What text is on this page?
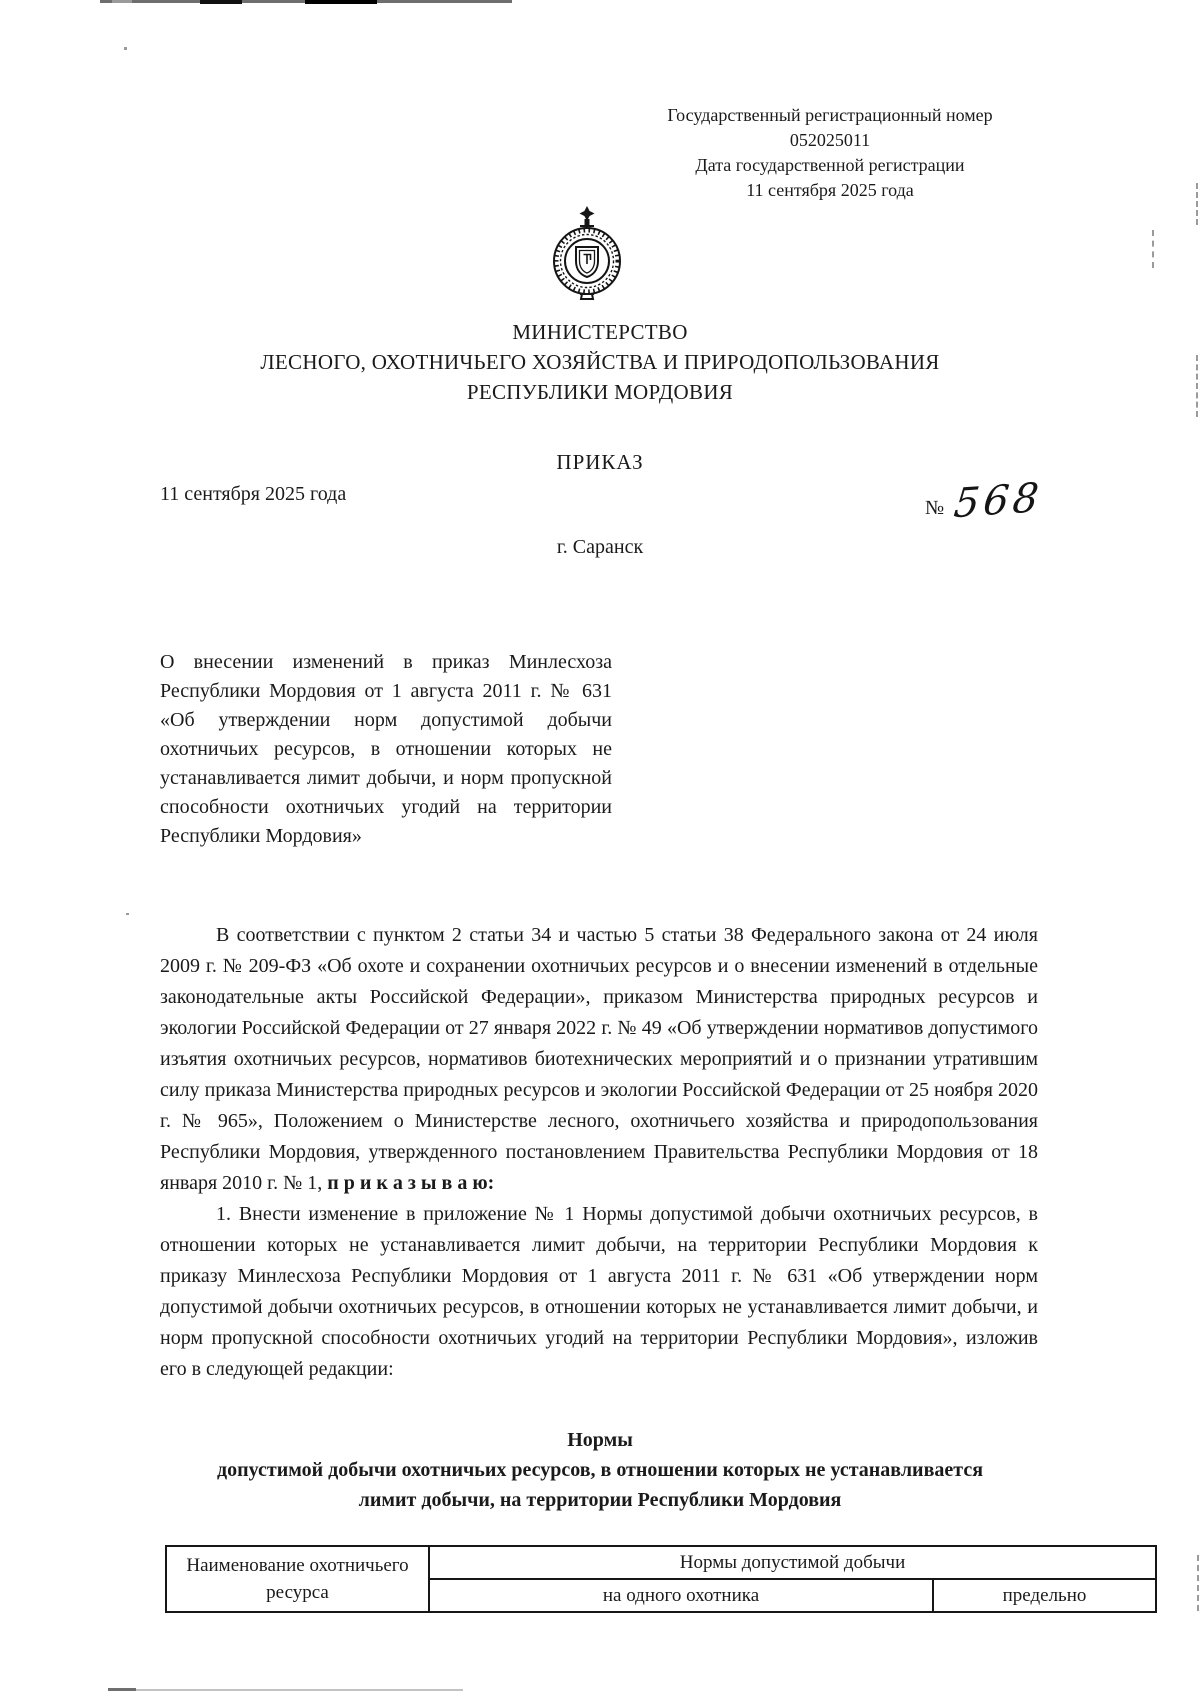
Государственный регистрационный номер
052025011
Дата государственной регистрации
11 сентября 2025 года
МИНИСТЕРСТВО
ЛЕСНОГО, ОХОТНИЧЬЕГО ХОЗЯЙСТВА И ПРИРОДОПОЛЬЗОВАНИЯ
РЕСПУБЛИКИ МОРДОВИЯ
ПРИКАЗ
11 сентября 2025 года
№ 568
г. Саранск
О внесении изменений в приказ Минлесхоза Республики Мордовия от 1 августа 2011 г. № 631 «Об утверждении норм допустимой добычи охотничьих ресурсов, в отношении которых не устанавливается лимит добычи, и норм пропускной способности охотничьих угодий на территории Республики Мордовия»

В соответствии с пунктом 2 статьи 34 и частью 5 статьи 38 Федерального закона от 24 июля 2009 г. № 209-ФЗ «Об охоте и сохранении охотничьих ресурсов и о внесении изменений в отдельные законодательные акты Российской Федерации», приказом Министерства природных ресурсов и экологии Российской Федерации от 27 января 2022 г. № 49 «Об утверждении нормативов допустимого изъятия охотничьих ресурсов, нормативов биотехнических мероприятий и о признании утратившим силу приказа Министерства природных ресурсов и экологии Российской Федерации от 25 ноября 2020 г. № 965», Положением о Министерстве лесного, охотничьего хозяйства и природопользования Республики Мордовия, утвержденного постановлением Правительства Республики Мордовия от 18 января 2010 г. № 1, п р и к а з ы в а ю:

1. Внести изменение в приложение № 1 Нормы допустимой добычи охотничьих ресурсов, в отношении которых не устанавливается лимит добычи, на территории Республики Мордовия к приказу Минлесхоза Республики Мордовия от 1 августа 2011 г. № 631 «Об утверждении норм допустимой добычи охотничьих ресурсов, в отношении которых не устанавливается лимит добычи, и норм пропускной способности охотничьих угодий на территории Республики Мордовия», изложив его в следующей редакции:

Нормы
допустимой добычи охотничьих ресурсов, в отношении которых не устанавливается
лимит добычи, на территории Республики Мордовия
Наименование охотничьего ресурса	Нормы допустимой добычи	
	на одного охотника	предельно
